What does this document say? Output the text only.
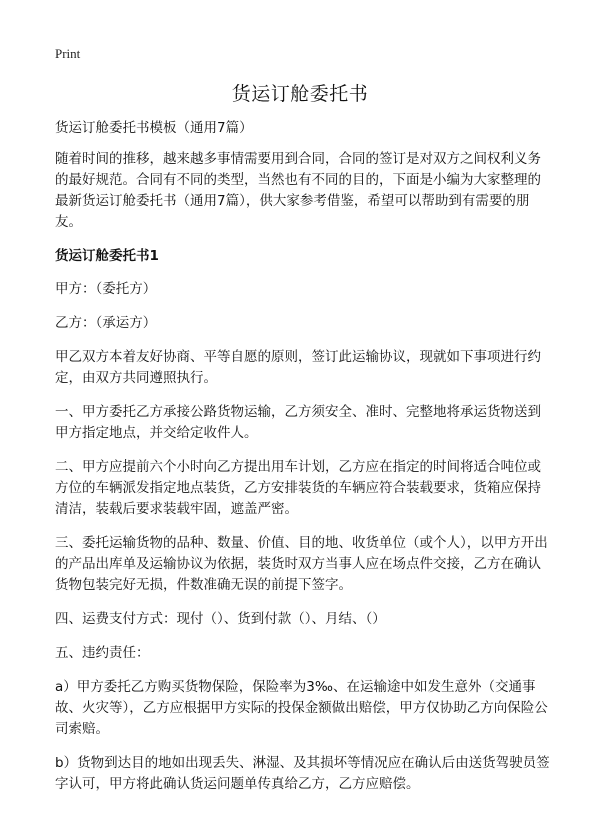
Print
货运订舱委托书

货运订舱委托书模板（通用7篇）

随着时间的推移，越来越多事情需要用到合同，合同的签订是对双方之间权利义务的最好规范。合同有不同的类型，当然也有不同的目的，下面是小编为大家整理的最新货运订舱委托书（通用7篇），供大家参考借鉴，希望可以帮助到有需要的朋友。

货运订舱委托书1

甲方：（委托方）

乙方：（承运方）

甲乙双方本着友好协商、平等自愿的原则，签订此运输协议，现就如下事项进行约定，由双方共同遵照执行。

一、甲方委托乙方承接公路货物运输，乙方须安全、准时、完整地将承运货物送到甲方指定地点，并交给定收件人。

二、甲方应提前六个小时向乙方提出用车计划，乙方应在指定的时间将适合吨位或方位的车辆派发指定地点装货，乙方安排装货的车辆应符合装载要求，货箱应保持清洁，装载后要求装载牢固，遮盖严密。

三、委托运输货物的品种、数量、价值、目的地、收货单位（或个人），以甲方开出的产品出库单及运输协议为依据，装货时双方当事人应在场点件交接，乙方在确认货物包装完好无损，件数准确无误的前提下签字。

四、运费支付方式：现付（）、货到付款（）、月结、（）

五、违约责任：

a）甲方委托乙方购买货物保险，保险率为3‰、在运输途中如发生意外（交通事故、火灾等），乙方应根据甲方实际的投保金额做出赔偿，甲方仅协助乙方向保险公司索赔。

b）货物到达目的地如出现丢失、淋湿、及其损坏等情况应在确认后由送货驾驶员签字认可，甲方将此确认货运问题单传真给乙方，乙方应赔偿。
